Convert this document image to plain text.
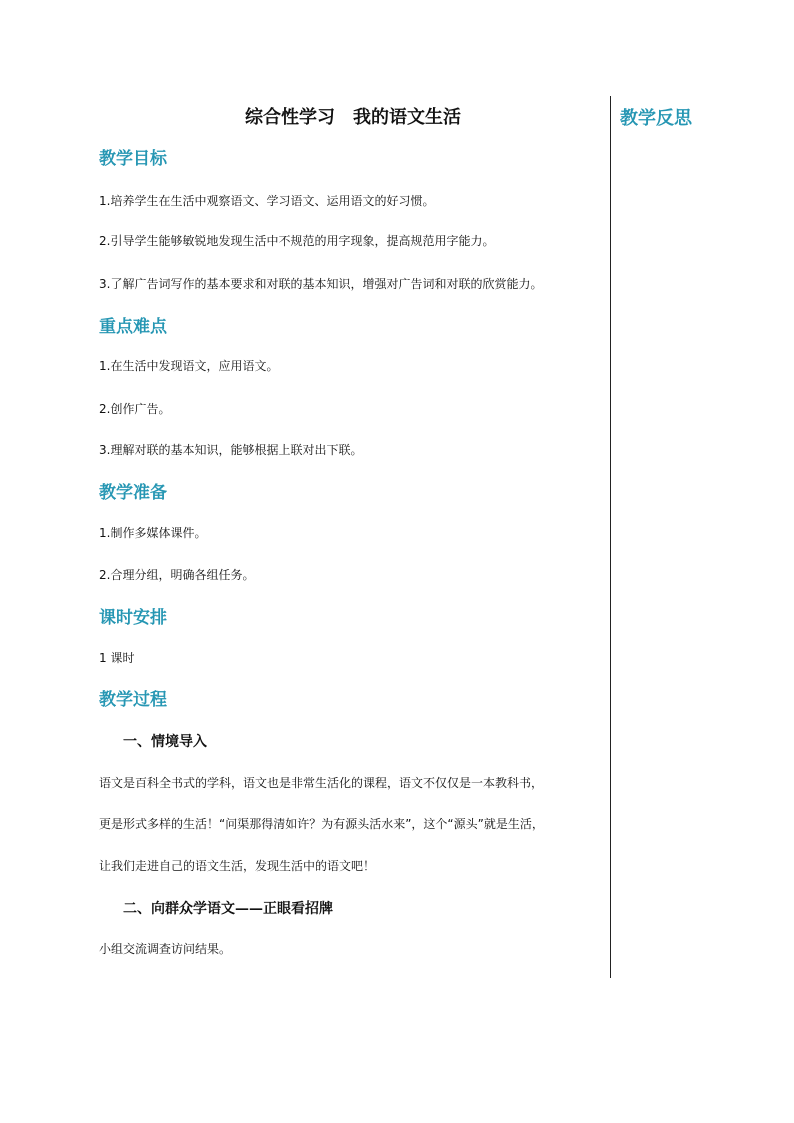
教学反思
综合性学习　我的语文生活
教学目标

1.培养学生在生活中观察语文、学习语文、运用语文的好习惯。

2.引导学生能够敏锐地发现生活中不规范的用字现象，提高规范用字能力。

3.了解广告词写作的基本要求和对联的基本知识，增强对广告词和对联的欣赏能力。

重点难点

1.在生活中发现语文，应用语文。

2.创作广告。

3.理解对联的基本知识，能够根据上联对出下联。

教学准备

1.制作多媒体课件。

2.合理分组，明确各组任务。

课时安排

1 课时

教学过程
一、情境导入

语文是百科全书式的学科，语文也是非常生活化的课程，语文不仅仅是一本教科书，

更是形式多样的生活！“问渠那得清如许？为有源头活水来”，这个“源头”就是生活，

让我们走进自己的语文生活，发现生活中的语文吧！

二、向群众学语文——正眼看招牌

小组交流调查访问结果。
